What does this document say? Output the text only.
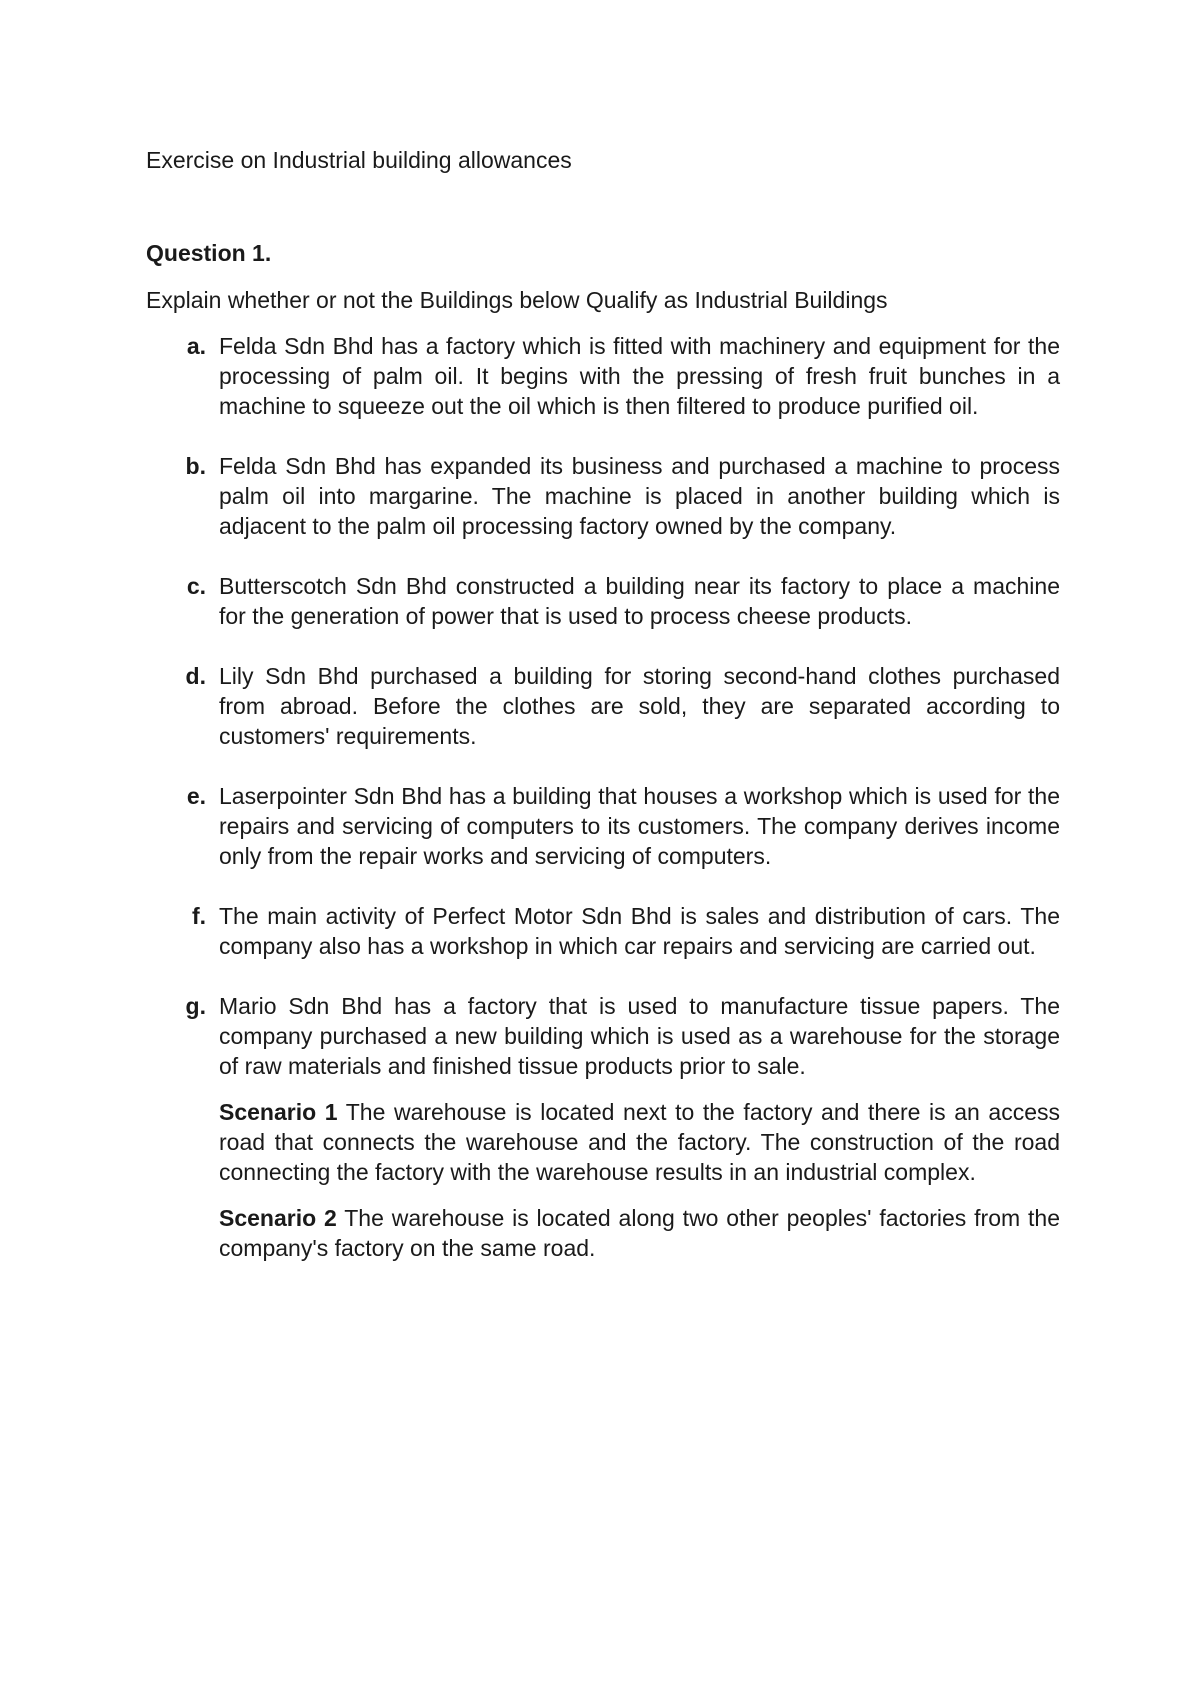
Exercise on Industrial building allowances

Question 1.

Explain whether or not the Buildings below Qualify as Industrial Buildings

a. Felda Sdn Bhd has a factory which is fitted with machinery and equipment for the processing of palm oil. It begins with the pressing of fresh fruit bunches in a machine to squeeze out the oil which is then filtered to produce purified oil.

b. Felda Sdn Bhd has expanded its business and purchased a machine to process palm oil into margarine. The machine is placed in another building which is adjacent to the palm oil processing factory owned by the company.

c. Butterscotch Sdn Bhd constructed a building near its factory to place a machine for the generation of power that is used to process cheese products.

d. Lily Sdn Bhd purchased a building for storing second-hand clothes purchased from abroad. Before the clothes are sold, they are separated according to customers' requirements.

e. Laserpointer Sdn Bhd has a building that houses a workshop which is used for the repairs and servicing of computers to its customers. The company derives income only from the repair works and servicing of computers.

f. The main activity of Perfect Motor Sdn Bhd is sales and distribution of cars. The company also has a workshop in which car repairs and servicing are carried out.

g. Mario Sdn Bhd has a factory that is used to manufacture tissue papers. The company purchased a new building which is used as a warehouse for the storage of raw materials and finished tissue products prior to sale.

Scenario 1 The warehouse is located next to the factory and there is an access road that connects the warehouse and the factory. The construction of the road connecting the factory with the warehouse results in an industrial complex.

Scenario 2 The warehouse is located along two other peoples' factories from the company's factory on the same road.
